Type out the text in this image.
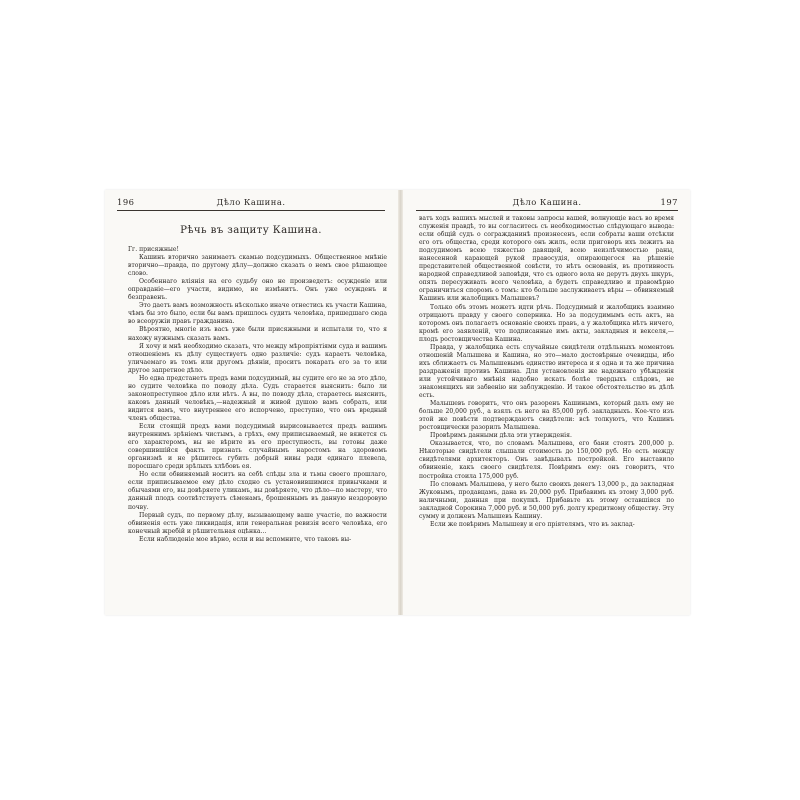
196	Дѣло Кашина.
Рѣчь въ защиту Кашина.

Гг. присяжные!

Кашинъ вторично занимаетъ скамью подсудимыхъ. Общественное мнѣніе вторично—правда, по другому дѣлу—должно сказать о немъ свое рѣшающее слово.

Особеннаго вліянія на его судьбу оно не произведетъ: осужденіе или оправданіе—его участи, видимо, не измѣнитъ. Онъ уже осужденъ и безправенъ.

Это даетъ вамъ возможность нѣсколько иначе отнестись къ участи Кашина, чѣмъ бы это было, если бы вамъ пришлось судить человѣка, пришедшаго сюда во всеоружіи правъ гражданина.

Вѣроятно, многіе изъ васъ уже были присяжными и испытали то, что я нахожу нужнымъ сказать вамъ.

Я хочу и мнѣ необходимо сказать, что между мѣропріятіями суда и вашимъ отношеніемъ къ дѣлу существуетъ одно различіе: судъ караетъ человѣка, уличаемаго въ томъ или другомъ дѣяніи, проситъ покарать его за то или другое запретное дѣло.

Но едва предстанетъ предъ вами подсудимый, вы судите его не за это дѣло, но судите человѣка по поводу дѣла. Судъ старается выяснить: было ли законопреступное дѣло или нѣтъ. А вы, по поводу дѣла, стараетесь выяснить, каковъ данный человѣкъ,—надежный и живой душою вамъ собрать, или видится вамъ, что внутреннее его испорчено, преступно, что онъ вредный членъ общества.

Если стоящій предъ вами подсудимый вырисовывается предъ вашимъ внутреннимъ зрѣніемъ чистымъ, а грѣхъ, ему приписываемый, не вяжется съ его характеромъ, вы не вѣрите въ его преступность, вы готовы даже совершившійся фактъ признать случайнымъ наростомъ на здоровомъ организмѣ и не рѣшитесь губить добрый нивы ради единаго плевела, поросшаго среди зрѣлыхъ хлѣбовъ ея.

Но если обвиняемый носитъ на себѣ слѣды зла и тьмы своего прошлаго, если приписываемое ему дѣло сходно съ установившимися привычками и обычаями его, вы довѣряете уликамъ, вы довѣряете, что дѣло—по мастеру, что данный плодъ соотвѣтствуетъ сѣменамъ, брошеннымъ въ данную нездоровую почву.

Первый судъ, по первому дѣлу, вызывающему ваше участіе, по важности обвиненія есть уже ликвидація, или генеральная ревизія всего человѣка, его конечный жребій и рѣшительная оцѣнка...

Если наблюденіе мое вѣрно, если и вы вспомните, что таковъ вы-

Дѣло Кашина.	197

ватъ ходъ вашихъ мыслей и таковы запросы вашей, волнующіе васъ во время служенія правдѣ, то вы согласитесь съ необходимостью слѣдующаго вывода: если общій судъ о согражданинѣ произнесенъ, если собраты ваши отсѣкли его отъ общества, среди которого онъ жилъ, если приговоръ ихъ лежитъ на подсудимомъ всею тяжестью давящей, всею неизлѣчимостью раны, нанесенной карающей рукой правосудія, опирающегося на рѣшеніе представителей общественной совѣсти, то нѣтъ основанія, въ противность народной справедливой заповѣди, что съ одного вола не дерутъ двухъ шкуръ, опять пересуживать всего человѣка, а будетъ справедливо и правомѣрно ограничиться споромъ о томъ: кто больше заслуживаетъ вѣры — обвиняемый Кашинъ или жалобщикъ Малышевъ?

Только объ этомъ можетъ идти рѣчь. Подсудимый и жалобщикъ взаимно отрицаютъ правду у своего соперника. Но за подсудимымъ есть актъ, на которомъ онъ полагаетъ основаніе своихъ правъ, а у жалобщика нѣтъ ничего, кромѣ его заявленій, что подписанные имъ акты, закладныя и векселя,—плодъ ростовщичества Кашина.

Правда, у жалобщика есть случайные свидѣтели отдѣльныхъ моментовъ отношеній Малышева и Кашина, но это—мало достовѣрные очевидцы, ибо ихъ сближаетъ съ Малышевымъ единство интереса и я одна и та же причина раздраженія противъ Кашина. Для установленія же надежнаго убѣжденія или устойчиваго мнѣнія надобно искать болѣе твердыхъ слѣдовъ, не знакомящихъ ни забвенію ни заблужденію. И такое обстоятельство въ дѣлѣ есть.

Малышевъ говоритъ, что онъ разоренъ Кашинымъ, который далъ ему не больше 20,000 руб., а взялъ съ него на 85,000 руб. закладныхъ. Кое-что изъ этой же повѣсти подтверждаютъ свидѣтели: всѣ толкуютъ, что Кашинъ ростовщически разорилъ Малышева.

Провѣримъ данными дѣла эти утвержденія.

Оказывается, что, по словамъ Малышева, его бани стоятъ 200,000 р. Нѣкоторые свидѣтели слышали стоимость до 150,000 руб. Но есть между свидѣтелями архитекторъ. Онъ завѣдывалъ постройкой. Его выставило обвиненіе, какъ своего свидѣтеля. Повѣримъ ему: онъ говоритъ, что постройка стоила 175,000 руб.

По словамъ Малышева, у него было своихъ денегъ 13,000 р., да закладная Жуковымъ, продавцамъ, дана въ 20,000 руб. Прибавимъ къ этому 3,000 руб. наличными, данныя при покупкѣ. Прибавьте къ этому оставшіяся по закладной Сорокина 7,000 руб. и 50,000 руб. долгу кредитному обществу. Эту сумму и долженъ Малышевъ Кашину.

Если же повѣримъ Малышеву и его пріятелямъ, что въ заклад-
